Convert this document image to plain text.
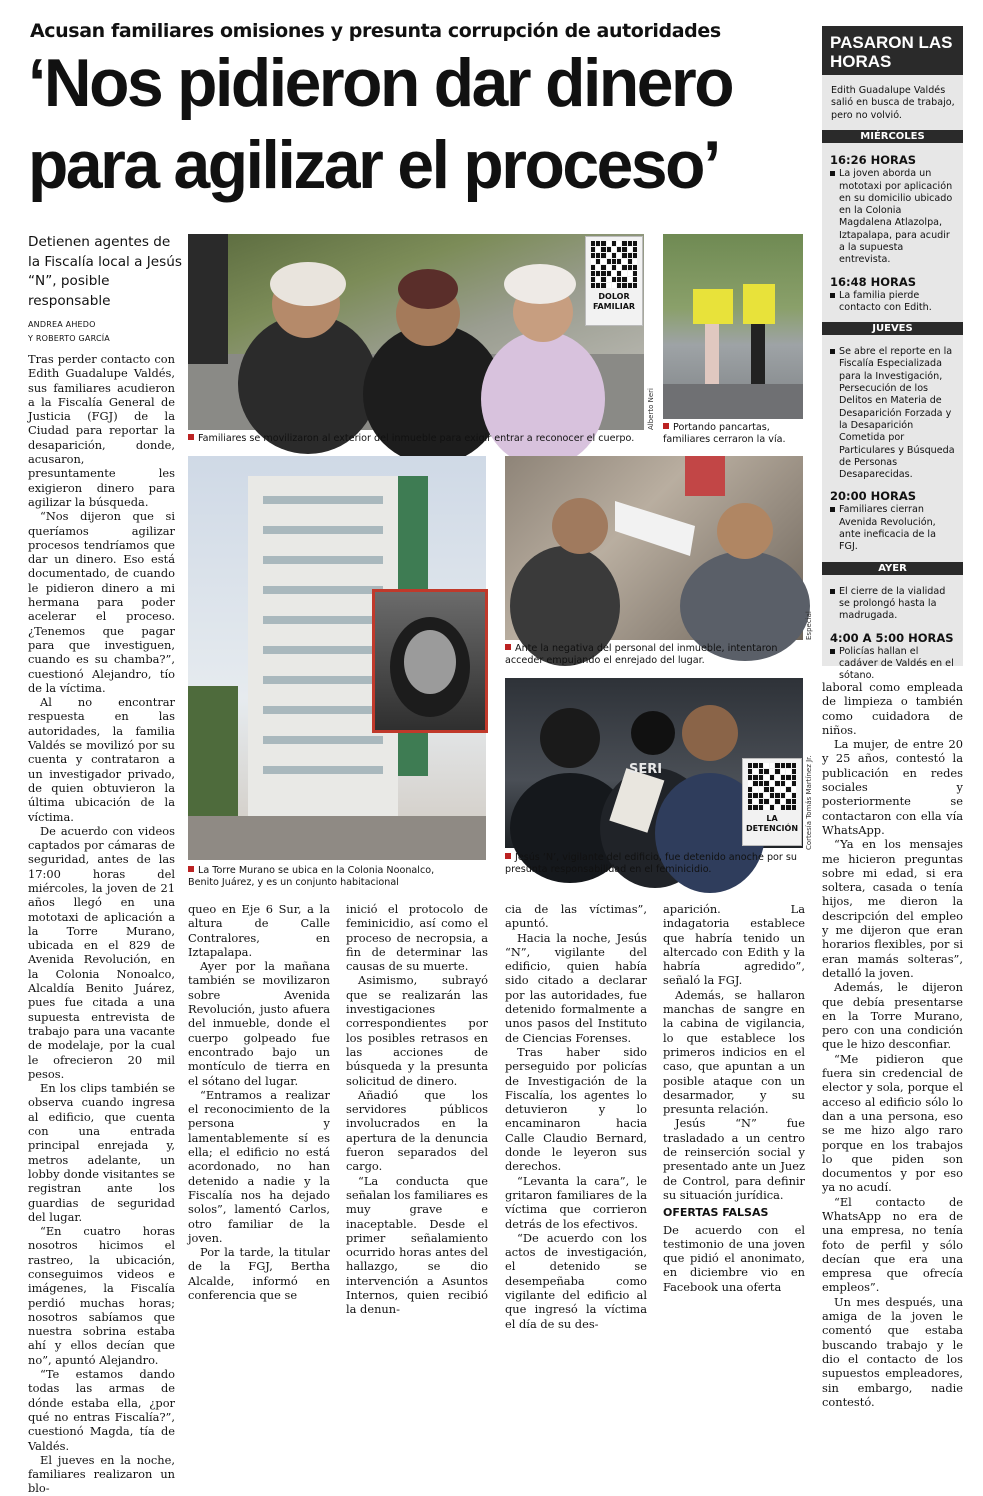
Acusan familiares omisiones y presunta corrupción de autoridades
‘Nos pidieron dar dinero para agilizar el proceso’
Detienen agentes de la Fiscalía local a Jesús “N”, posible responsable
ANDREA AHEDO
Y ROBERTO GARCÍA
DOLOR FAMILIAR
Alberto Neri
Familiares se movilizaron al exterior del inmueble para exigir entrar a reconocer el cuerpo.
Portando pancartas, familiares cerraron la vía.
La Torre Murano se ubica en la Colonia Noonalco, Benito Juárez, y es un conjunto habitacional
Especial
Ante la negativa del personal del inmueble, intentaron acceder empujando el enrejado del lugar.
SERI
LA DETENCIÓN Cortesía Tomás Martínez Jr.
Jesús ‘N’, vigilante del edificio, fue detenido anoche por su presunta responsabilidad en el feminicidio.
PASARON LAS HORAS
Edith Guadalupe Valdés salió en busca de trabajo, pero no volvió.
MIÉRCOLES
16:26 HORAS
La joven aborda un mototaxi por aplicación en su domicilio ubicado en la Colonia Magdalena Atlazolpa, Iztapalapa, para acudir a la supuesta entrevista.
16:48 HORAS
La familia pierde contacto con Edith.
JUEVES
Se abre el reporte en la Fiscalía Especializada para la Investigación, Persecución de los Delitos en Materia de Desaparición Forzada y la Desaparición Cometida por Particulares y Búsqueda de Personas Desaparecidas.
20:00 HORAS
Familiares cierran Avenida Revolución, ante ineficacia de la FGJ.
AYER
El cierre de la vialidad se prolongó hasta la madrugada.
4:00 A 5:00 HORAS
Policías hallan el cadáver de Valdés en el sótano.

Tras perder contacto con Edith Guadalupe Valdés, sus familiares acudieron a la Fiscalía General de Justicia (FGJ) de la Ciudad para reportar la desaparición, donde, acusaron, presuntamente les exigieron dinero para agilizar la búsqueda.

“Nos dijeron que si queríamos agilizar procesos tendríamos que dar un dinero. Eso está documentado, de cuando le pidieron dinero a mi hermana para poder acelerar el proceso. ¿Tenemos que pagar para que investiguen, cuando es su chamba?”, cuestionó Alejandro, tío de la víctima.

Al no encontrar respuesta en las autoridades, la familia Valdés se movilizó por su cuenta y contrataron a un investigador privado, de quien obtuvieron la última ubicación de la víctima.

De acuerdo con videos captados por cámaras de seguridad, antes de las 17:00 horas del miércoles, la joven de 21 años llegó en una mototaxi de aplicación a la Torre Murano, ubicada en el 829 de Avenida Revolución, en la Colonia Nonoalco, Alcaldía Benito Juárez, pues fue citada a una supuesta entrevista de trabajo para una vacante de modelaje, por la cual le ofrecieron 20 mil pesos.

En los clips también se observa cuando ingresa al edificio, que cuenta con una entrada principal enrejada y, metros adelante, un lobby donde visitantes se registran ante los guardias de seguridad del lugar.

“En cuatro horas nosotros hicimos el rastreo, la ubicación, conseguimos videos e imágenes, la Fiscalía perdió muchas horas; nosotros sabíamos que nuestra sobrina estaba ahí y ellos decían que no”, apuntó Alejandro.

“Te estamos dando todas las armas de dónde estaba ella, ¿por qué no entras Fiscalía?”, cuestionó Magda, tía de Valdés.

El jueves en la noche, familiares realizaron un blo-

queo en Eje 6 Sur, a la altura de Calle Contralores, en Iztapalapa.

Ayer por la mañana también se movilizaron sobre Avenida Revolución, justo afuera del inmueble, donde el cuerpo golpeado fue encontrado bajo un montículo de tierra en el sótano del lugar.

“Entramos a realizar el reconocimiento de la persona y lamentablemente sí es ella; el edificio no está acordonado, no han detenido a nadie y la Fiscalía nos ha dejado solos”, lamentó Carlos, otro familiar de la joven.

Por la tarde, la titular de la FGJ, Bertha Alcalde, informó en conferencia que se

inició el protocolo de feminicidio, así como el proceso de necropsia, a fin de determinar las causas de su muerte.

Asimismo, subrayó que se realizarán las investigaciones correspondientes por los posibles retrasos en las acciones de búsqueda y la presunta solicitud de dinero.

Añadió que los servidores públicos involucrados en la apertura de la denuncia fueron separados del cargo.

“La conducta que señalan los familiares es muy grave e inaceptable. Desde el primer señalamiento ocurrido horas antes del hallazgo, se dio intervención a Asuntos Internos, quien recibió la denun-

cia de las víctimas”, apuntó.

Hacia la noche, Jesús “N”, vigilante del edificio, quien había sido citado a declarar por las autoridades, fue detenido formalmente a unos pasos del Instituto de Ciencias Forenses.

Tras haber sido perseguido por policías de Investigación de la Fiscalía, los agentes lo detuvieron y lo encaminaron hacia Calle Claudio Bernard, donde le leyeron sus derechos.

“Levanta la cara”, le gritaron familiares de la víctima que corrieron detrás de los efectivos.

“De acuerdo con los actos de investigación, el detenido se desempeñaba como vigilante del edificio al que ingresó la víctima el día de su des-

aparición. La indagatoria establece que habría tenido un altercado con Edith y la habría agredido”, señaló la FGJ.

Además, se hallaron manchas de sangre en la cabina de vigilancia, lo que establece los primeros indicios en el caso, que apuntan a un posible ataque con un desarmador, y su presunta relación.

Jesús “N” fue trasladado a un centro de reinserción social y presentado ante un Juez de Control, para definir su situación jurídica.

OFERTAS FALSAS

De acuerdo con el testimonio de una joven que pidió el anonimato, en diciembre vio en Facebook una oferta

laboral como empleada de limpieza o también como cuidadora de niños.

La mujer, de entre 20 y 25 años, contestó la publicación en redes sociales y posteriormente se contactaron con ella vía WhatsApp.

“Ya en los mensajes me hicieron preguntas sobre mi edad, si era soltera, casada o tenía hijos, me dieron la descripción del empleo y me dijeron que eran horarios flexibles, por si eran mamás solteras”, detalló la joven.

Además, le dijeron que debía presentarse en la Torre Murano, pero con una condición que le hizo desconfiar.

“Me pidieron que fuera sin credencial de elector y sola, porque el acceso al edificio sólo lo dan a una persona, eso se me hizo algo raro porque en los trabajos lo que piden son documentos y por eso ya no acudí.

“El contacto de WhatsApp no era de una empresa, no tenía foto de perfil y sólo decían que era una empresa que ofrecía empleos”.

Un mes después, una amiga de la joven le comentó que estaba buscando trabajo y le dio el contacto de los supuestos empleadores, sin embargo, nadie contestó.
